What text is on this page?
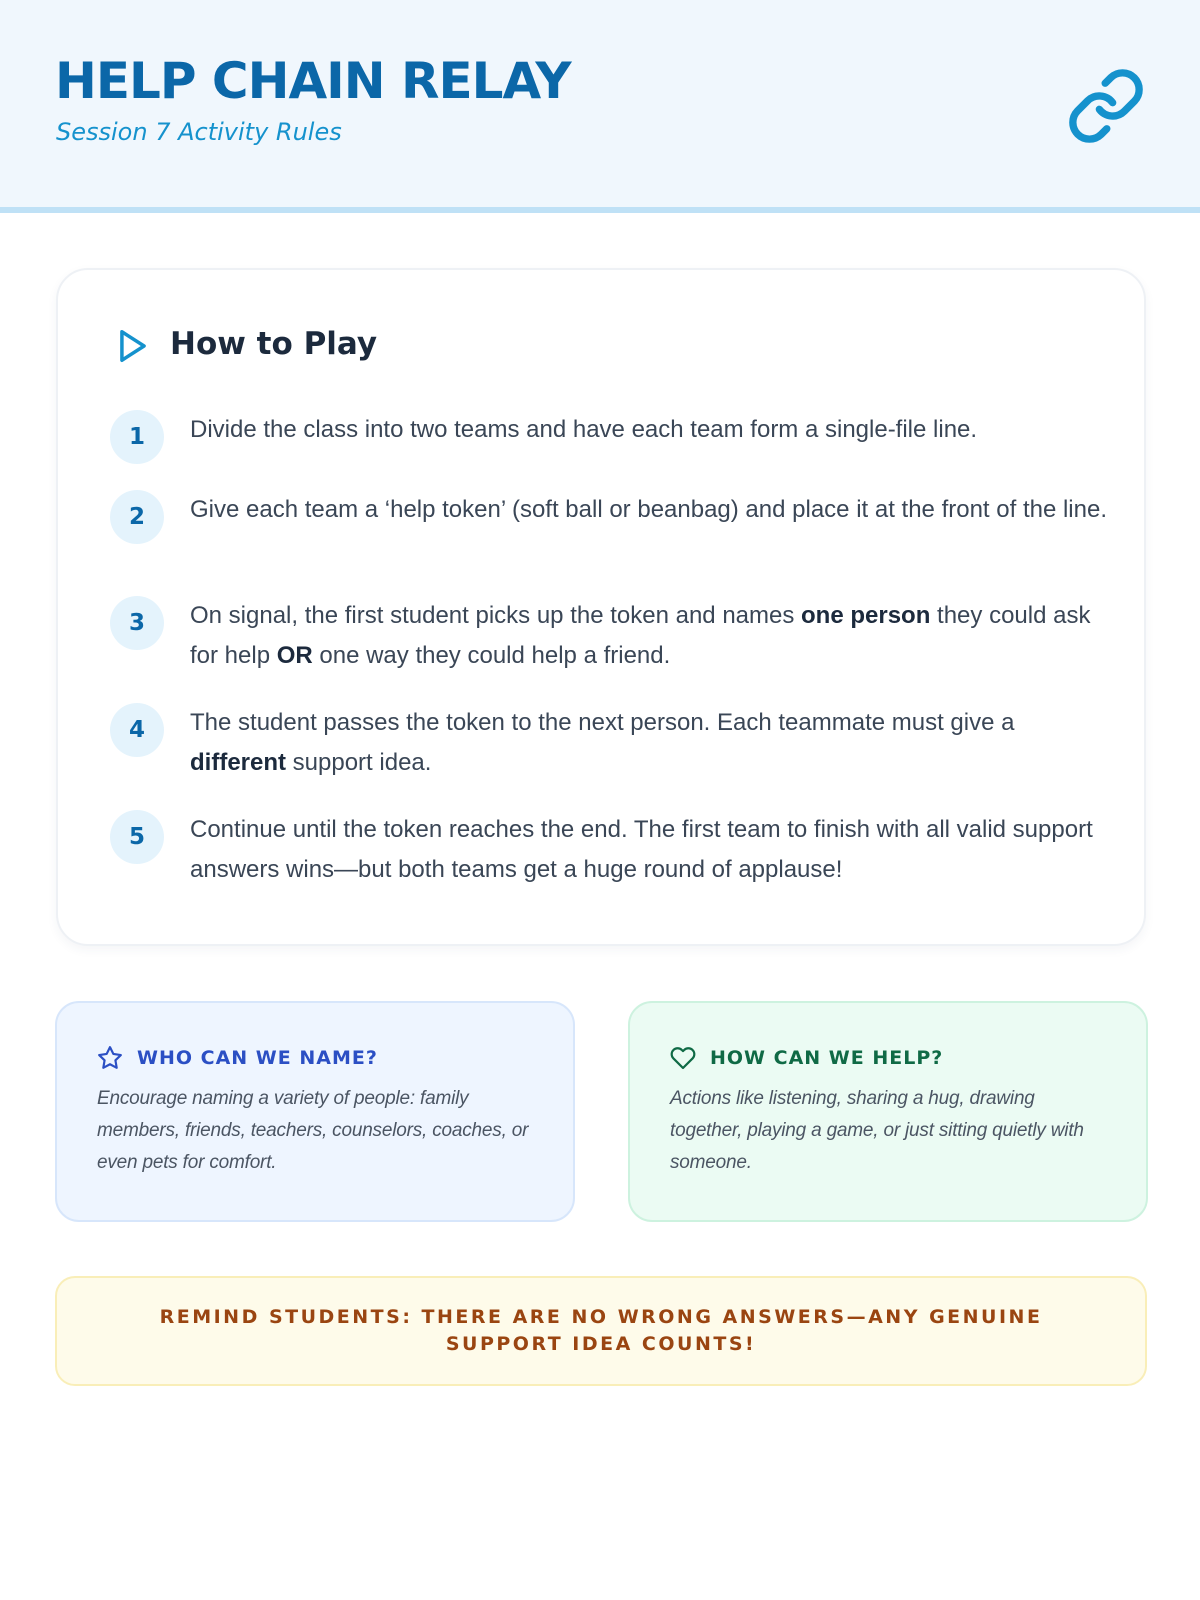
HELP CHAIN RELAY
Session 7 Activity Rules
How to Play
1	Divide the class into two teams and have each team form a single-file line.
2	Give each team a ‘help token’ (soft ball or beanbag) and place it at the front of the line.
3	On signal, the first student picks up the token and names one person they could ask for help OR one way they could help a friend.
4	The student passes the token to the next person. Each teammate must give a different support idea.
5	Continue until the token reaches the end. The first team to finish with all valid support answers wins—but both teams get a huge round of applause!
WHO CAN WE NAME?
Encourage naming a variety of people: family members, friends, teachers, counselors, coaches, or even pets for comfort.
HOW CAN WE HELP?
Actions like listening, sharing a hug, drawing together, playing a game, or just sitting quietly with someone.
REMIND STUDENTS: THERE ARE NO WRONG ANSWERS—ANY GENUINE SUPPORT IDEA COUNTS!
